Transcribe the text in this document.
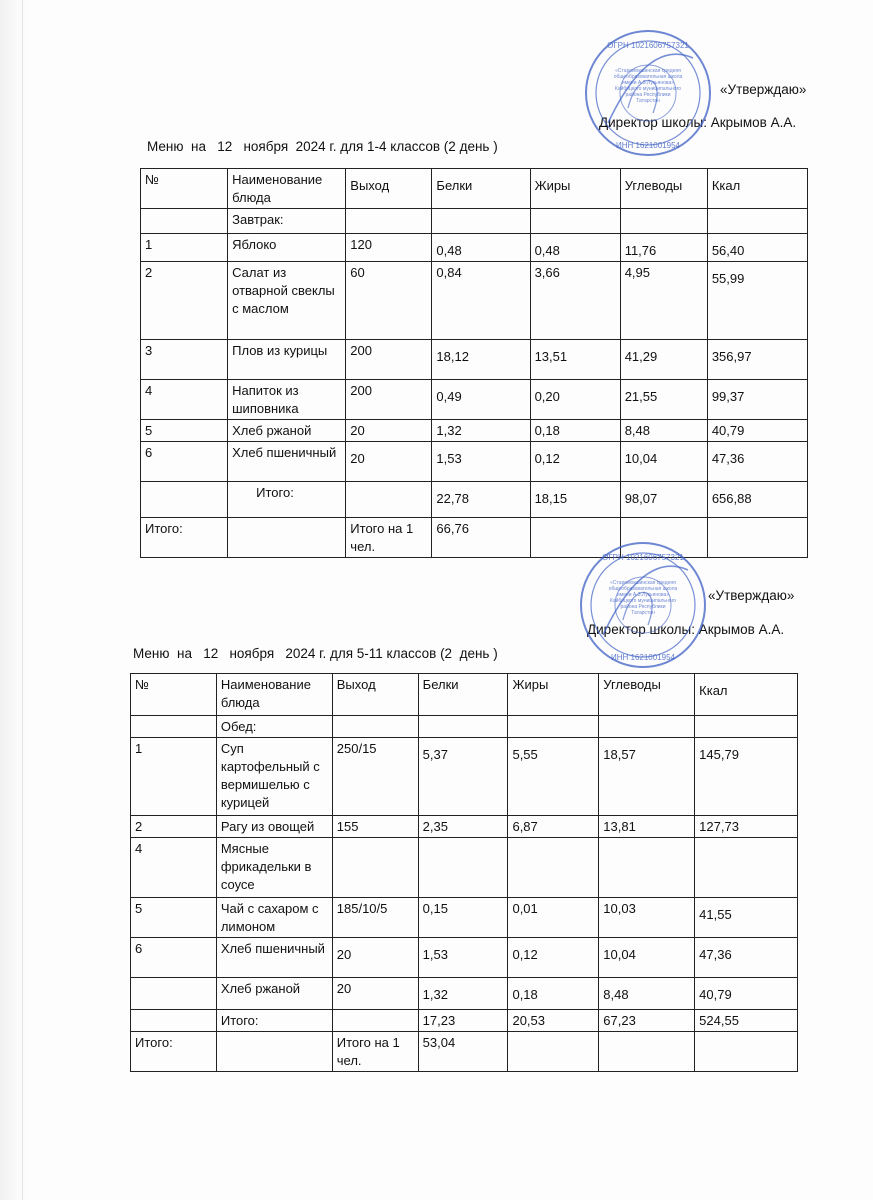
«Утверждаю»
Директор школы: Акрымов А.А.
ОГРН 1021606757321
ИНН 1621001954
«Старомокшинская средняя общеобразовательная школа имени А.З.Лукьянова» Кайбицкого муниципального района Республики Татарстан
Меню  на   12   ноября  2024 г. для 1-4 классов (2 день )
№	Наименование блюда	Выход	Белки	Жиры	Углеводы	Ккал
	Завтрак:					
1	Яблоко	120	0,48	0,48	11,76	56,40
2	Салат из отварной свеклы с маслом	60	0,84	3,66	4,95	55,99
3	Плов из курицы	200	18,12	13,51	41,29	356,97
4	Напиток из шиповника	200	0,49	0,20	21,55	99,37
5	Хлеб ржаной	20	1,32	0,18	8,48	40,79
6	Хлеб пшеничный	20	1,53	0,12	10,04	47,36
	Итого:		22,78	18,15	98,07	656,88
Итого:		Итого на 1 чел.	66,76			
«Утверждаю»
Директор школы: Акрымов А.А.
ОГРН 1021606757321
ИНН 1621001954
«Старомокшинская средняя общеобразовательная школа имени А.З.Лукьянова» Кайбицкого муниципального района Республики Татарстан
Меню  на   12   ноября   2024 г. для 5-11 классов (2  день )
№	Наименование блюда	Выход	Белки	Жиры	Углеводы	Ккал
	Обед:					
1	Суп картофельный с вермишелью с курицей	250/15	5,37	5,55	18,57	145,79
2	Рагу из овощей	155	2,35	6,87	13,81	127,73
4	Мясные фрикадельки в соусе					
5	Чай с сахаром с лимоном	185/10/5	0,15	0,01	10,03	41,55
6	Хлеб пшеничный	20	1,53	0,12	10,04	47,36
	Хлеб ржаной	20	1,32	0,18	8,48	40,79
	Итого:		17,23	20,53	67,23	524,55
Итого:		Итого на 1 чел.	53,04			
